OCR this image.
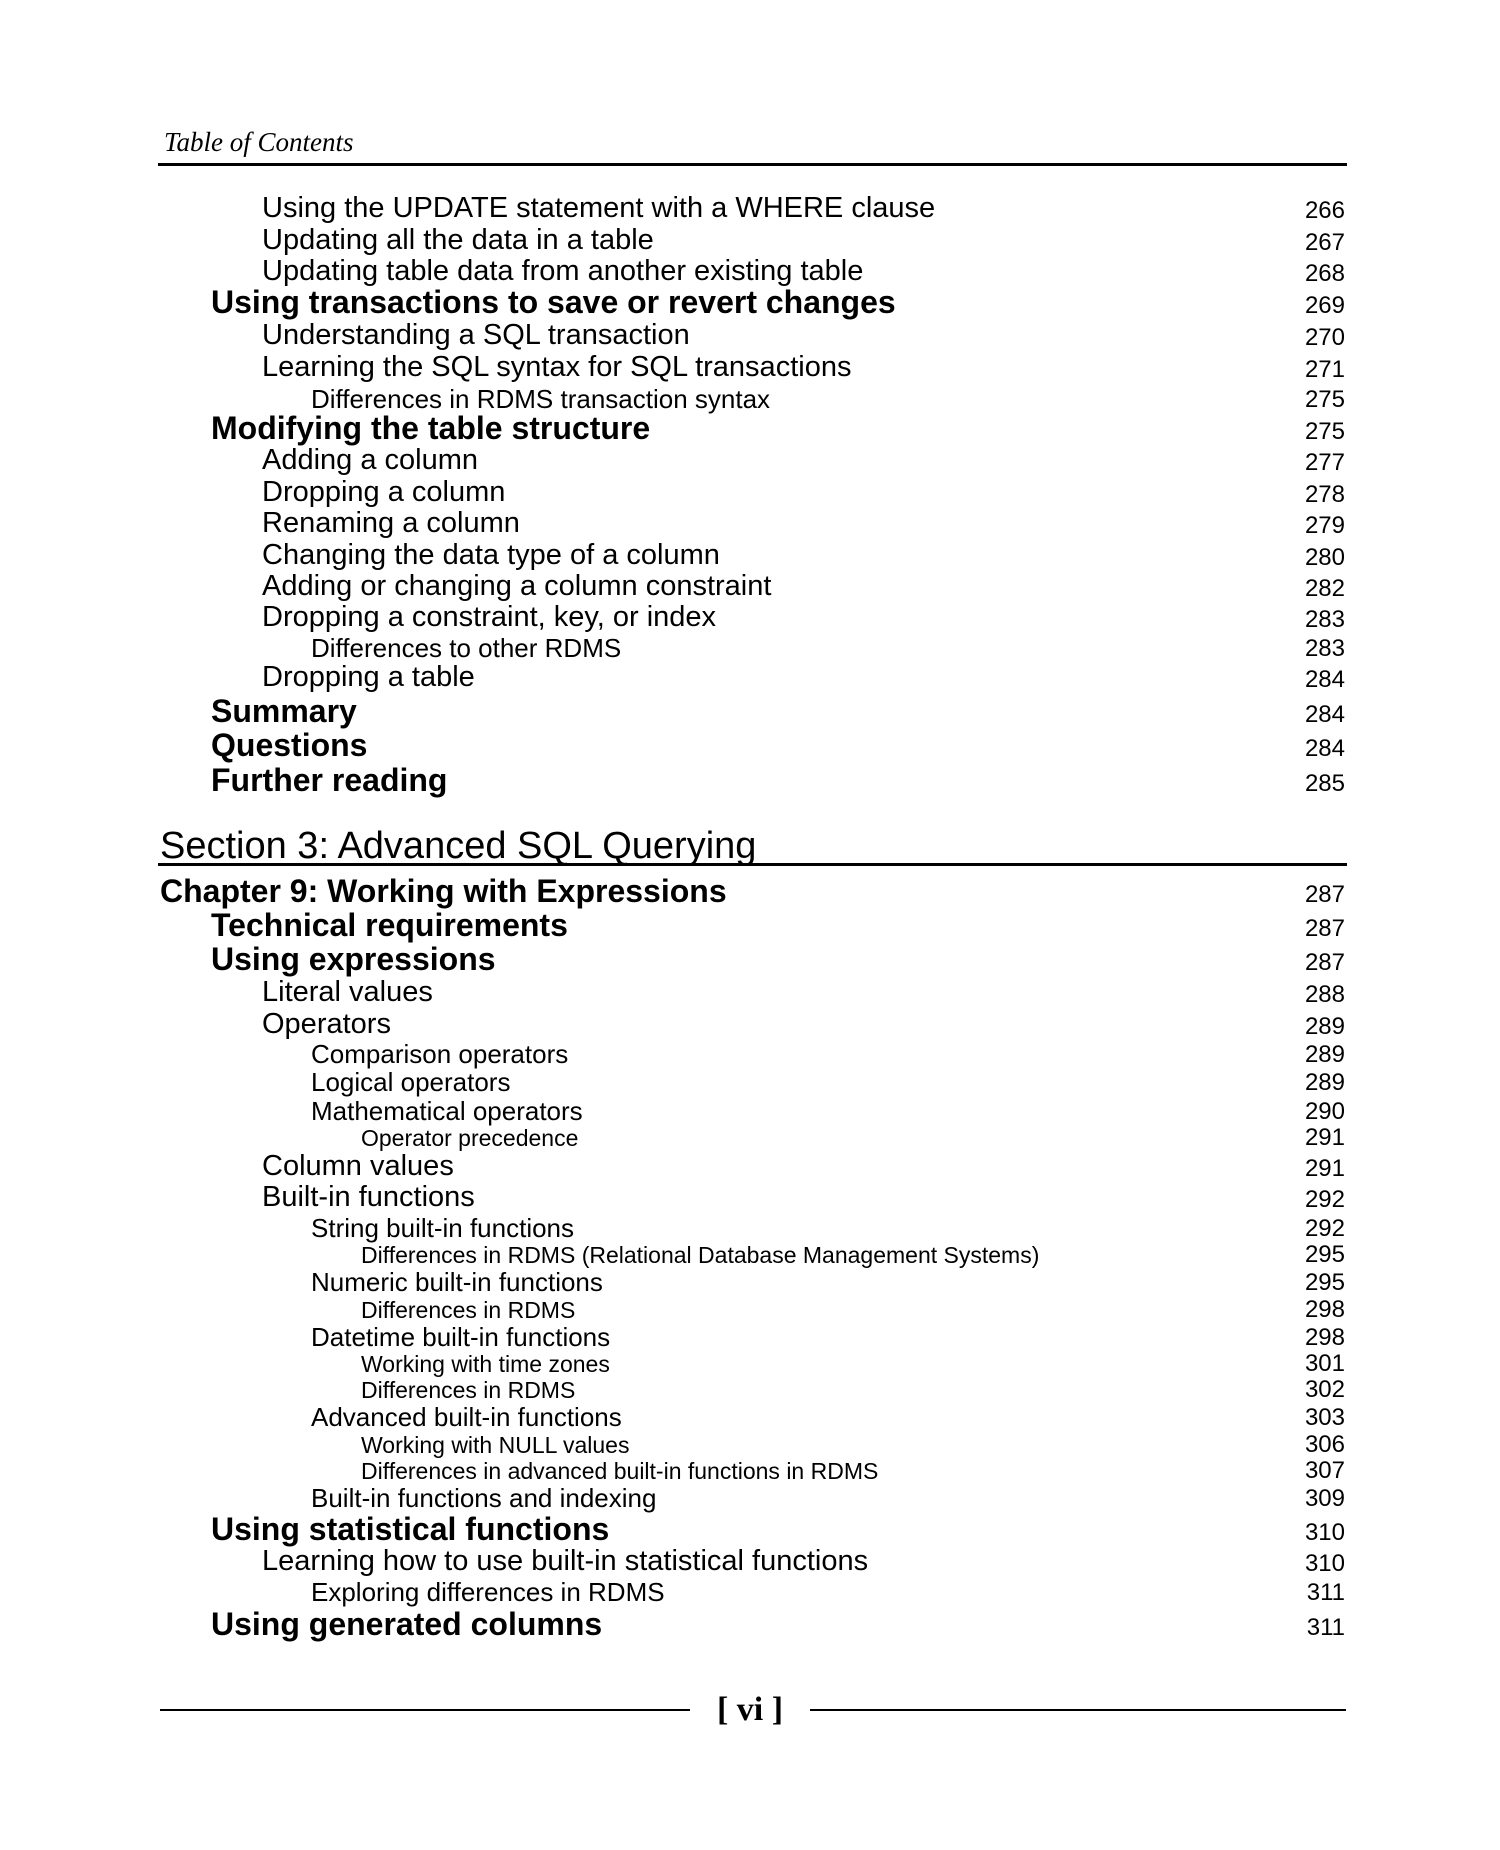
Table of Contents
Using the UPDATE statement with a WHERE clause	266
Updating all the data in a table	267
Updating table data from another existing table	268
Using transactions to save or revert changes	269
Understanding a SQL transaction	270
Learning the SQL syntax for SQL transactions	271
Differences in RDMS transaction syntax	275
Modifying the table structure	275
Adding a column	277
Dropping a column	278
Renaming a column	279
Changing the data type of a column	280
Adding or changing a column constraint	282
Dropping a constraint, key, or index	283
Differences to other RDMS	283
Dropping a table	284
Summary	284
Questions	284
Further reading	285
Section 3: Advanced SQL Querying
Chapter 9: Working with Expressions	287
Technical requirements	287
Using expressions	287
Literal values	288
Operators	289
Comparison operators	289
Logical operators	289
Mathematical operators	290
Operator precedence	291
Column values	291
Built-in functions	292
String built-in functions	292
Differences in RDMS (Relational Database Management Systems)	295
Numeric built-in functions	295
Differences in RDMS	298
Datetime built-in functions	298
Working with time zones	301
Differences in RDMS	302
Advanced built-in functions	303
Working with NULL values	306
Differences in advanced built-in functions in RDMS	307
Built-in functions and indexing	309
Using statistical functions	310
Learning how to use built-in statistical functions	310
Exploring differences in RDMS	311
Using generated columns	311
[ vi ]
